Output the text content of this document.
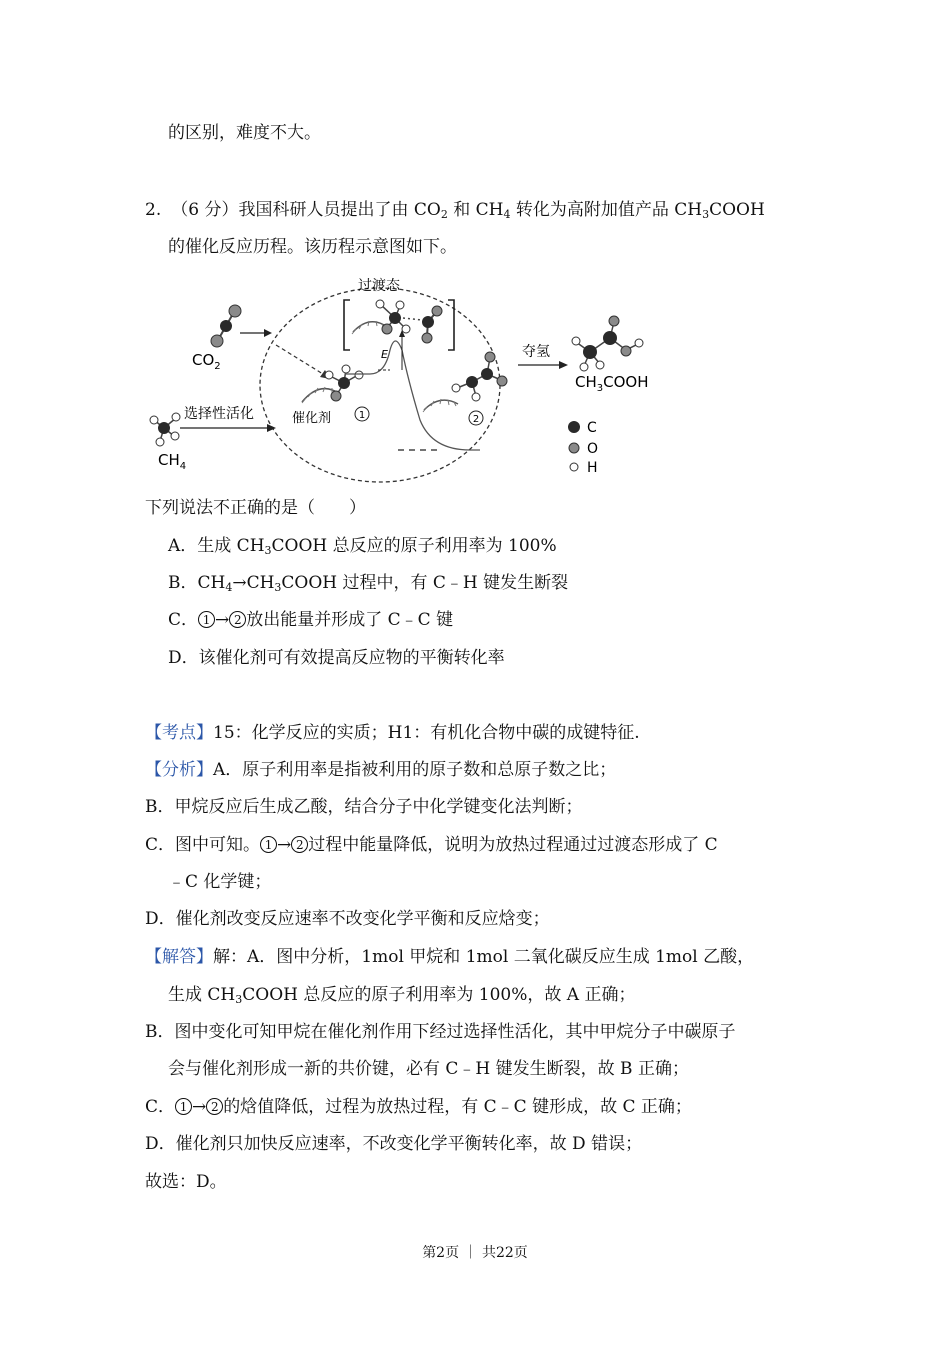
的区别，难度不大。
2. （6 分）我国科研人员提出了由 $CO_2$ 和 $CH_4$ 转化为高附加值产品 $CH_3COOH$
的催化反应历程。该历程示意图如下。
过渡态
$CO_2$
$CH_4$
选择性活化	催化剂	1
E
2
夺氢
$CH_3COOH$
C
O
H
下列说法不正确的是（　　）
A．生成 $CH_3COOH$ 总反应的原子利用率为 100%
B．$CH_4\to CH_3COOH$ 过程中，有 C﹣H 键发生断裂
C． 1 → 2 放出能量并形成了 C﹣C 键
D．该催化剂可有效提高反应物的平衡转化率
【考点】15：化学反应的实质；H1：有机化合物中碳的成键特征.
【分析】A．原子利用率是指被利用的原子数和总原子数之比；
B．甲烷反应后生成乙酸，结合分子中化学键变化法判断；
C．图中可知。 1 → 2 过程中能量降低，说明为放热过程通过过渡态形成了 C
﹣C 化学键；
D．催化剂改变反应速率不改变化学平衡和反应焓变；
【解答】解：A．图中分析，1mol 甲烷和 1mol 二氧化碳反应生成 1mol 乙酸，
生成 $CH_3COOH$ 总反应的原子利用率为 100%，故 A 正确；
B．图中变化可知甲烷在催化剂作用下经过选择性活化，其中甲烷分子中碳原子
会与催化剂形成一新的共价键，必有 C﹣H 键发生断裂，故 B 正确；
C． 1 → 2 的焓值降低，过程为放热过程，有 C﹣C 键形成，故 C 正确；
D．催化剂只加快反应速率，不改变化学平衡转化率，故 D 错误；
故选：D。
第2页 ｜ 共22页
